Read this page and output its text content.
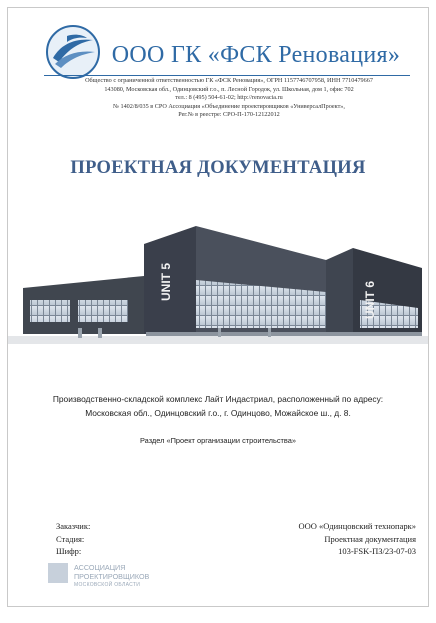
ООО ГК «ФСК Реновация»
Общество с ограниченной ответственностью ГК «ФСК Реновация», ОГРН 1157746707958, ИНН 7710479667
143080, Московская обл., Одинцовский г.о., п. Лесной Городок, ул. Школьная, дом 1, офис 702
тел.: 8 (495) 504-61-02; http://renovacia.ru
№ 1402/8/035 в СРО Ассоциация «Объединение проектировщиков «УниверсалПроект»,
Рег.№ в реестре: СРО-П-170-12122012
ПРОЕКТНАЯ ДОКУМЕНТАЦИЯ
UNIT 5	UNIT 6
Производственно-складской комплекс Лайт Индастриал, расположенный по адресу:
Московская обл., Одинцовский г.о., г. Одинцово, Можайское ш., д. 8.
Раздел «Проект организации строительства»
Заказчик:
Стадия:
Шифр:
ООО «Одинцовский технопарк»
Проектная документация
103-FSK-ПЗ/23-07-03
АССОЦИАЦИЯ
ПРОЕКТИРОВЩИКОВ
МОСКОВСКОЙ ОБЛАСТИ
